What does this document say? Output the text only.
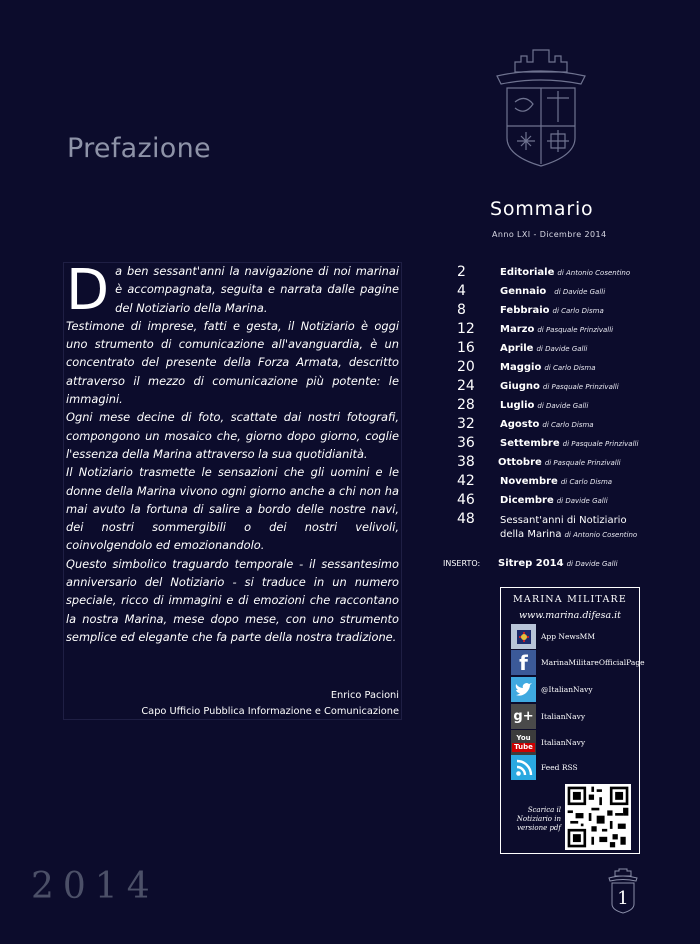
Prefazione
Sommario
Anno LXI - Dicembre 2014
D a ben sessant'anni la navigazione di noi marinai è accompagnata, seguita e narrata dalle pagine del Notiziario della Marina.

Testimone di imprese, fatti e gesta, il Notiziario è oggi uno strumento di comunicazione all'avanguardia, è un concentrato del presente della Forza Armata, descritto attraverso il mezzo di comunicazione più potente: le immagini.

Ogni mese decine di foto, scattate dai nostri fotografi, compongono un mosaico che, giorno dopo giorno, coglie l'essenza della Marina attraverso la sua quotidianità.

Il Notiziario trasmette le sensazioni che gli uomini e le donne della Marina vivono ogni giorno anche a chi non ha mai avuto la fortuna di salire a bordo delle nostre navi, dei nostri sommergibili o dei nostri velivoli, coinvolgendolo ed emozionandolo.

Questo simbolico traguardo temporale - il sessantesimo anniversario del Notiziario - si traduce in un numero speciale, ricco di immagini e di emozioni che raccontano la nostra Marina, mese dopo mese, con uno strumento semplice ed elegante che fa parte della nostra tradizione.

Enrico Pacioni
Capo Ufficio Pubblica Informazione e Comunicazione
2	Editoriale di Antonio Cosentino
4	Gennaio di Davide Galli
8	Febbraio di Carlo Disma
12	Marzo di Pasquale Prinzivalli
16	Aprile di Davide Galli
20	Maggio di Carlo Disma
24	Giugno di Pasquale Prinzivalli
28	Luglio di Davide Galli
32	Agosto di Carlo Disma
36	Settembre di Pasquale Prinzivalli
38	Ottobre di Pasquale Prinzivalli
42	Novembre di Carlo Disma
46	Dicembre di Davide Galli
48	Sessant'anni di Notiziario
della Marina di Antonio Cosentino
INSERTO: Sitrep 2014 di Davide Galli
MARINA MILITARE
www.marina.difesa.it
App NewsMM
f	MarinaMilitareOfficialPage
@ItalianNavy
g+ ItalianNavy
You
Tube ItalianNavy
Feed RSS
Scarica il Notiziario in versione pdf
2014	1
